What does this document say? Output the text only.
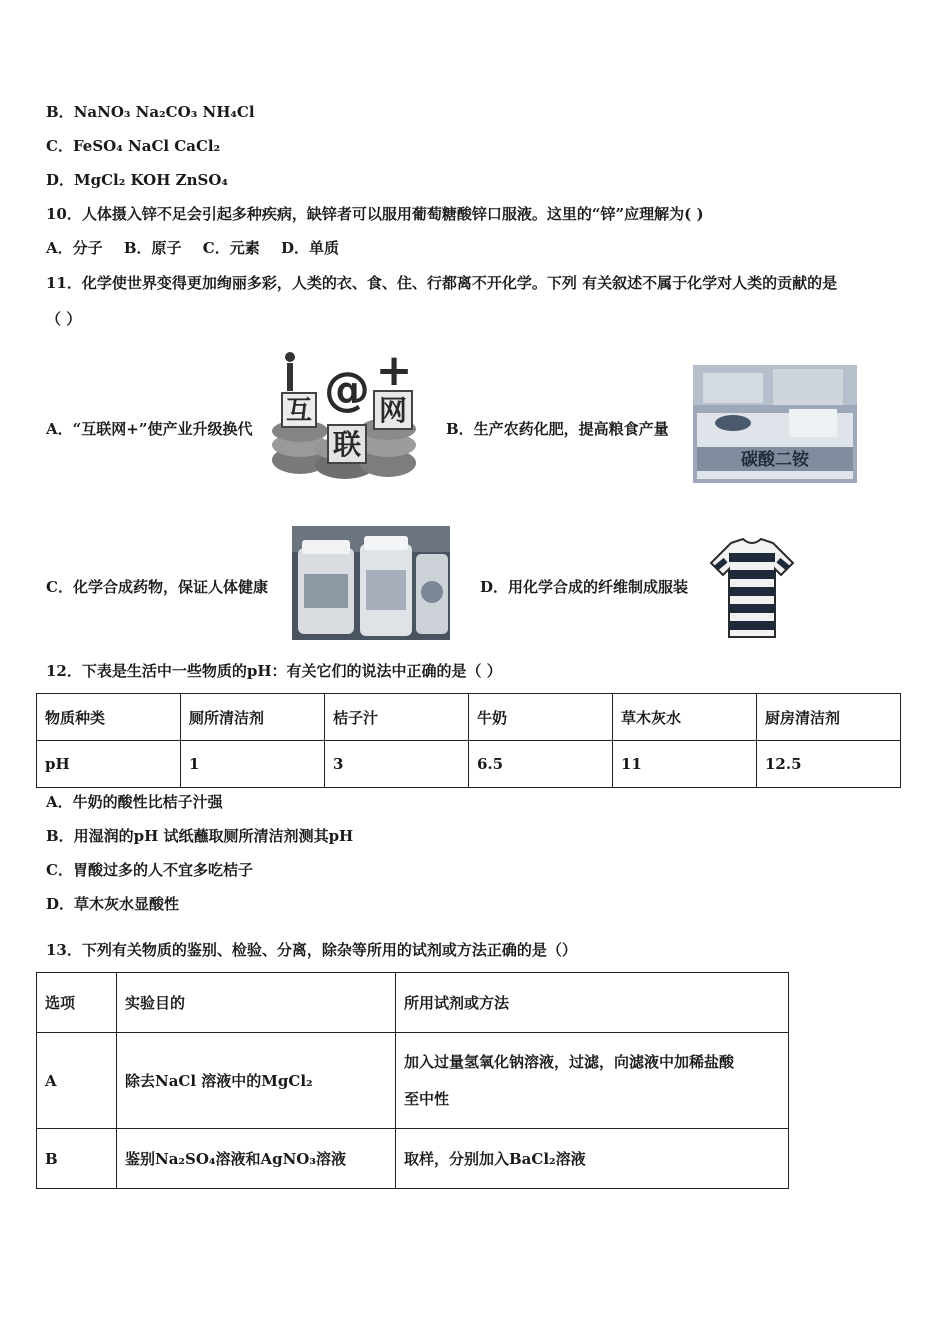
B．NaNO₃ Na₂CO₃ NH₄Cl
C．FeSO₄ NaCl CaCl₂
D．MgCl₂ KOH ZnSO₄
10．人体摄入锌不足会引起多种疾病，缺锌者可以服用葡萄糖酸锌口服液。这里的“锌”应理解为( )
A．分子 B．原子 C．元素 D．单质
11．化学使世界变得更加绚丽多彩，人类的衣、食、住、行都离不开化学。下列 有关叙述不属于化学对人类的贡献的是
（ ）
A．“互联网+”使产业升级换代
互 @
联
网
+
B．生产农药化肥，提高粮食产量
碳酸二铵
C．化学合成药物，保证人体健康	D．用化学合成的纤维制成服装
12．下表是生活中一些物质的pH：有关它们的说法中正确的是（ ）
物质种类	厕所清洁剂	桔子汁	牛奶	草木灰水	厨房清洁剂
pH	1	3	6.5	11	12.5
A．牛奶的酸性比桔子汁强
B．用湿润的pH 试纸蘸取厕所清洁剂测其pH
C．胃酸过多的人不宜多吃桔子
D．草木灰水显酸性
13．下列有关物质的鉴别、检验、分离，除杂等所用的试剂或方法正确的是（）
选项	实验目的	所用试剂或方法
A	除去NaCl 溶液中的MgCl₂	加入过量氢氧化钠溶液，过滤，向滤液中加稀盐酸
至中性

B	鉴别Na₂SO₄溶液和AgNO₃溶液	取样，分别加入BaCl₂溶液
